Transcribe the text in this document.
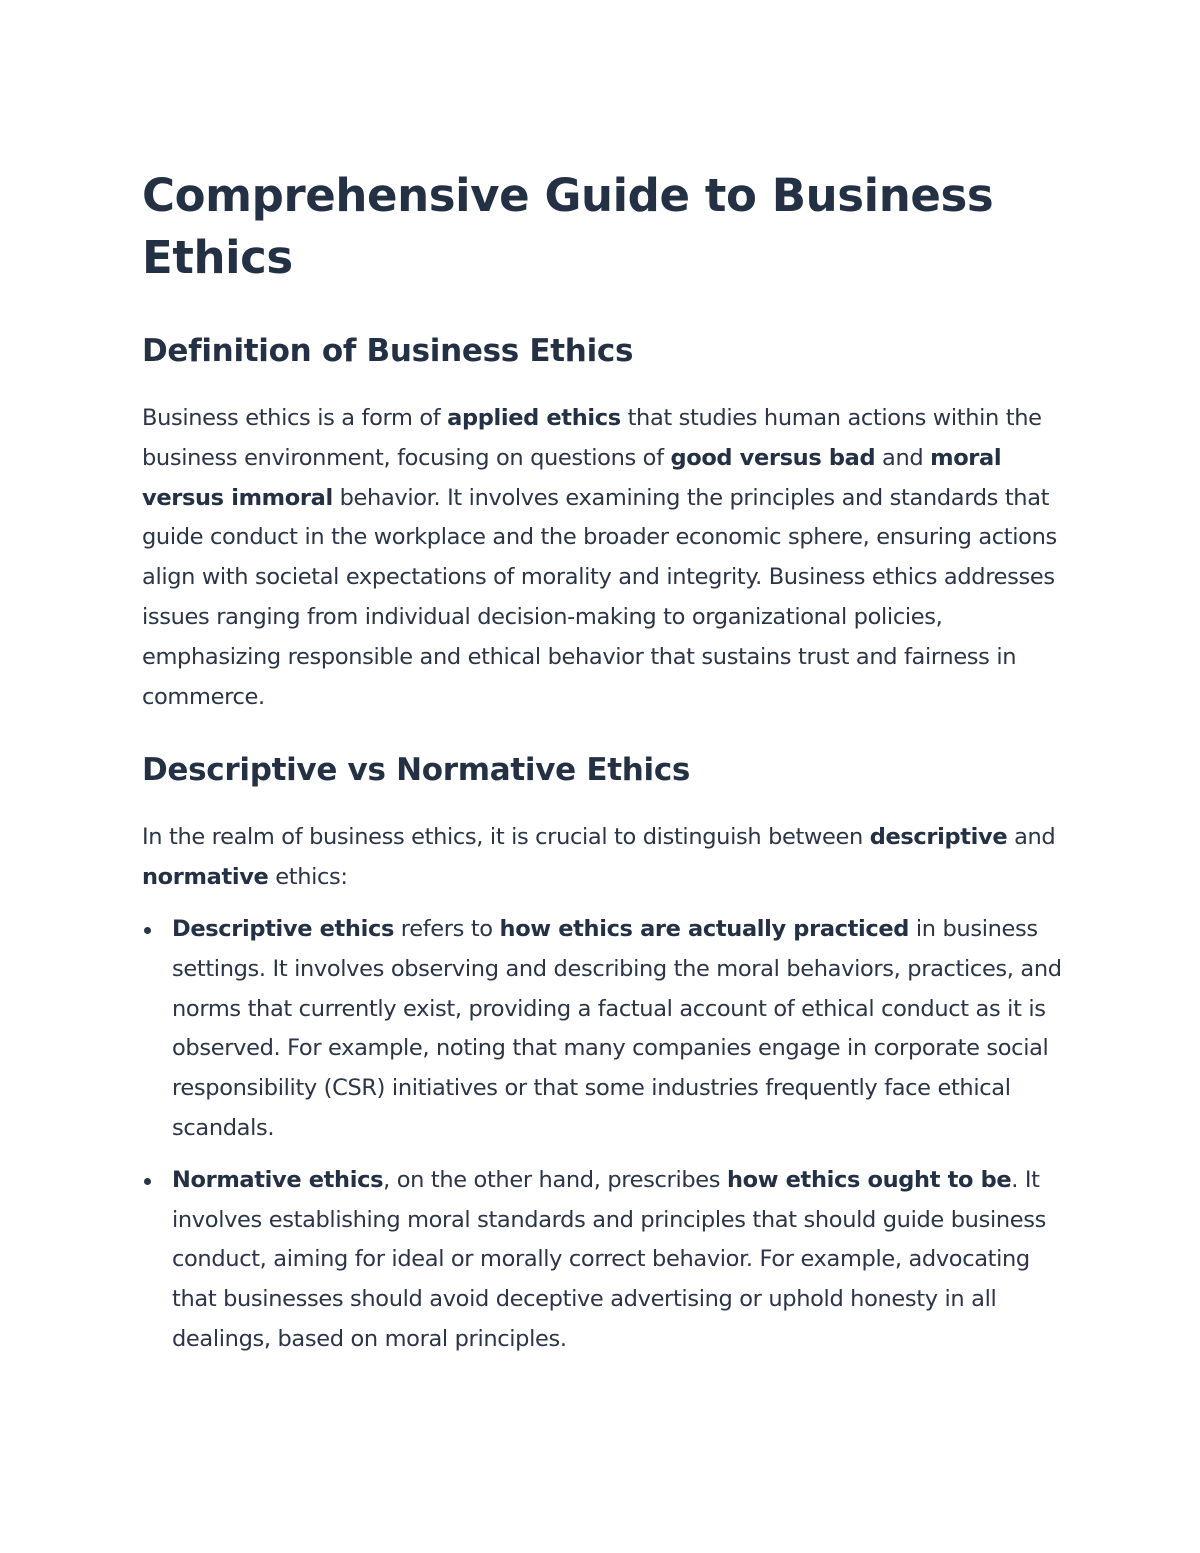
Comprehensive Guide to Business Ethics
Definition of Business Ethics

Business ethics is a form of applied ethics that studies human actions within the business environment, focusing on questions of good versus bad and moral versus immoral behavior. It involves examining the principles and standards that guide conduct in the workplace and the broader economic sphere, ensuring actions align with societal expectations of morality and integrity. Business ethics addresses issues ranging from individual decision-making to organizational policies, emphasizing responsible and ethical behavior that sustains trust and fairness in commerce.

Descriptive vs Normative Ethics

In the realm of business ethics, it is crucial to distinguish between descriptive and normative ethics:

Descriptive ethics refers to how ethics are actually practiced in business settings. It involves observing and describing the moral behaviors, practices, and norms that currently exist, providing a factual account of ethical conduct as it is observed. For example, noting that many companies engage in corporate social responsibility (CSR) initiatives or that some industries frequently face ethical scandals.
Normative ethics, on the other hand, prescribes how ethics ought to be. It involves establishing moral standards and principles that should guide business conduct, aiming for ideal or morally correct behavior. For example, advocating that businesses should avoid deceptive advertising or uphold honesty in all dealings, based on moral principles.
